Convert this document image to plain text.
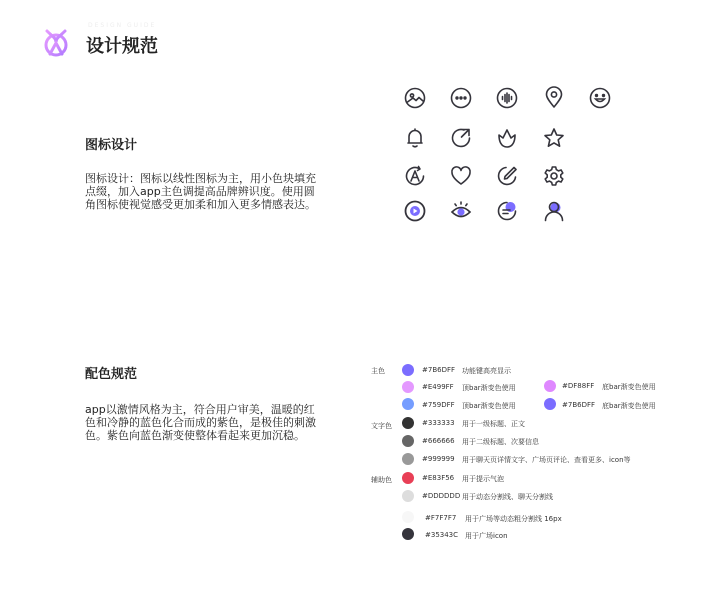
DESIGN GUIDE
设计规范
图标设计
图标设计：图标以线性图标为主，用小色块填充点缀，加入app主色调提高品牌辨识度。使用圆角图标使视觉感受更加柔和加入更多情感表达。
配色规范
app以激情风格为主，符合用户审美，温暖的红色和冷静的蓝色化合而成的紫色，是极佳的刺激色。紫色向蓝色渐变使整体看起来更加沉稳。
主色
文字色
辅助色
#7B6DFF 功能键高亮显示
#E499FF 顶bar渐变色使用
#759DFF 顶bar渐变色使用
#DF88FF 底bar渐变色使用
#7B6DFF 底bar渐变色使用
#333333 用于一级标题、正文
#666666 用于二级标题、次要信息
#999999 用于聊天页详情文字、广场页评论、查看更多、icon等
#E83F56 用于提示气泡
#DDDDDD 用于动态分割线、聊天分割线
#F7F7F7 用于广场等动态粗分割线 16px
#35343C 用于广场icon
